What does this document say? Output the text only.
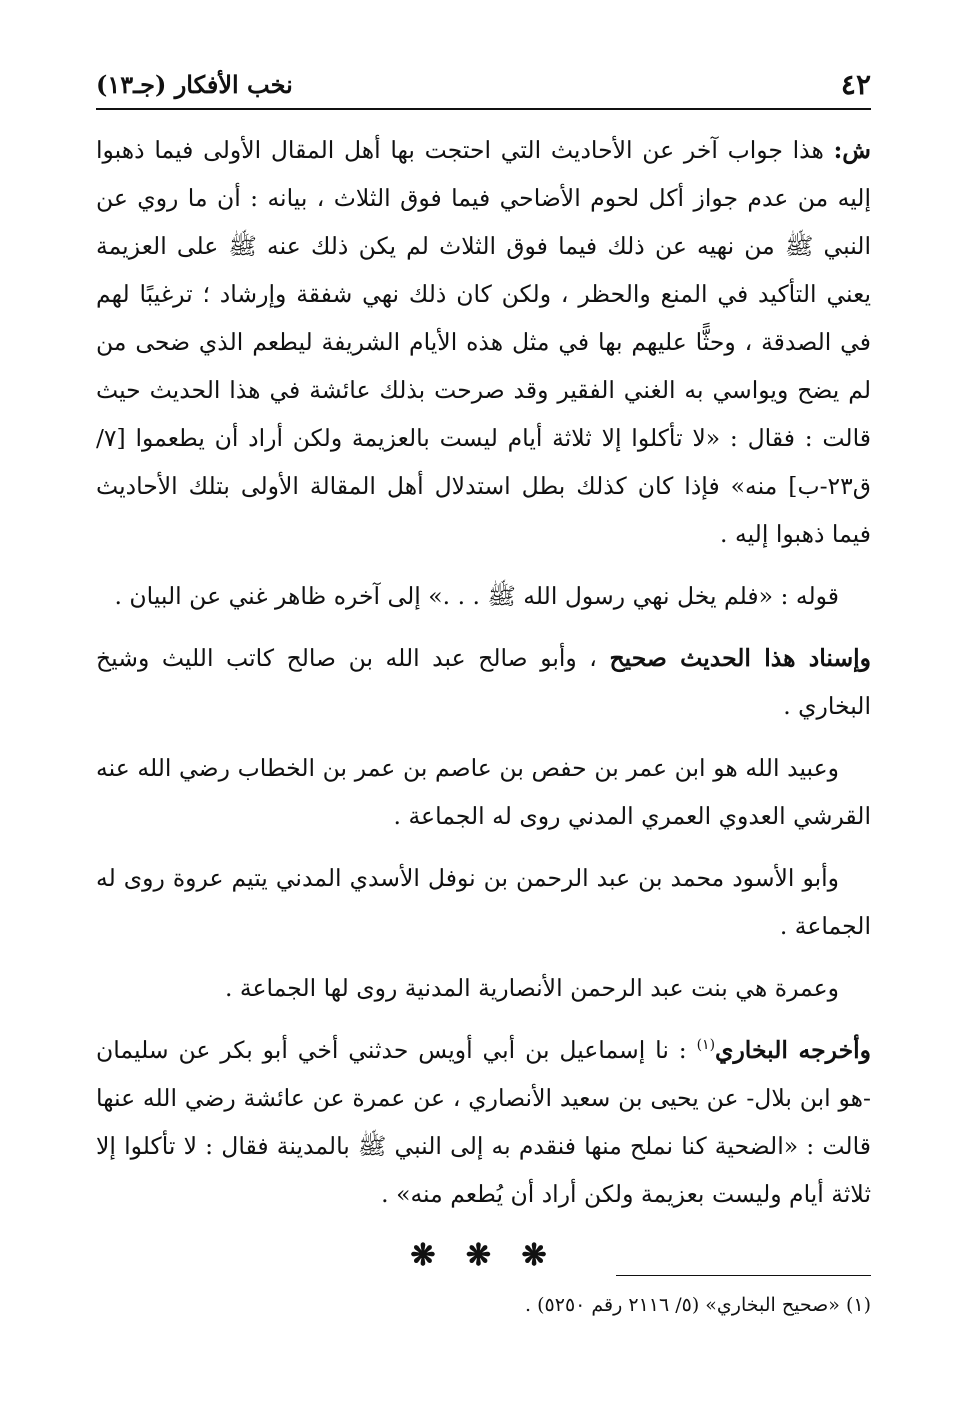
٤٢
نخب الأفكار (جـ١٣)

ش: هذا جواب آخر عن الأحاديث التي احتجت بها أهل المقال الأولى فيما ذهبوا إليه من عدم جواز أكل لحوم الأضاحي فيما فوق الثلاث ، بيانه : أن ما روي عن النبي ﷺ من نهيه عن ذلك فيما فوق الثلاث لم يكن ذلك عنه ﷺ على العزيمة يعني التأكيد في المنع والحظر ، ولكن كان ذلك نهي شفقة وإرشاد ؛ ترغيبًا لهم في الصدقة ، وحثًّا عليهم بها في مثل هذه الأيام الشريفة ليطعم الذي ضحى من لم يضح ويواسي به الغني الفقير وقد صرحت بذلك عائشة في هذا الحديث حيث قالت : فقال : «لا تأكلوا إلا ثلاثة أيام ليست بالعزيمة ولكن أراد أن يطعموا [٧/ ق٢٣-ب] منه» فإذا كان كذلك بطل استدلال أهل المقالة الأولى بتلك الأحاديث فيما ذهبوا إليه .

قوله : «فلم يخل نهي رسول الله ﷺ . . .» إلى آخره ظاهر غني عن البيان .

وإسناد هذا الحديث صحيح ، وأبو صالح عبد الله بن صالح كاتب الليث وشيخ البخاري .

وعبيد الله هو ابن عمر بن حفص بن عاصم بن عمر بن الخطاب رضي الله عنه القرشي العدوي العمري المدني روى له الجماعة .

وأبو الأسود محمد بن عبد الرحمن بن نوفل الأسدي المدني يتيم عروة روى له الجماعة .

وعمرة هي بنت عبد الرحمن الأنصارية المدنية روى لها الجماعة .

وأخرجه البخاري$^{(١)}$ : نا إسماعيل بن أبي أويس حدثني أخي أبو بكر عن سليمان -هو ابن بلال- عن يحيى بن سعيد الأنصاري ، عن عمرة عن عائشة رضي الله عنها قالت : «الضحية كنا نملح منها فنقدم به إلى النبي ﷺ بالمدينة فقال : لا تأكلوا إلا ثلاثة أيام وليست بعزيمة ولكن أراد أن يُطعم منه» .

❋ ❋ ❋
(١) «صحيح البخاري» (٥/ ٢١١٦ رقم ٥٢٥٠) .
